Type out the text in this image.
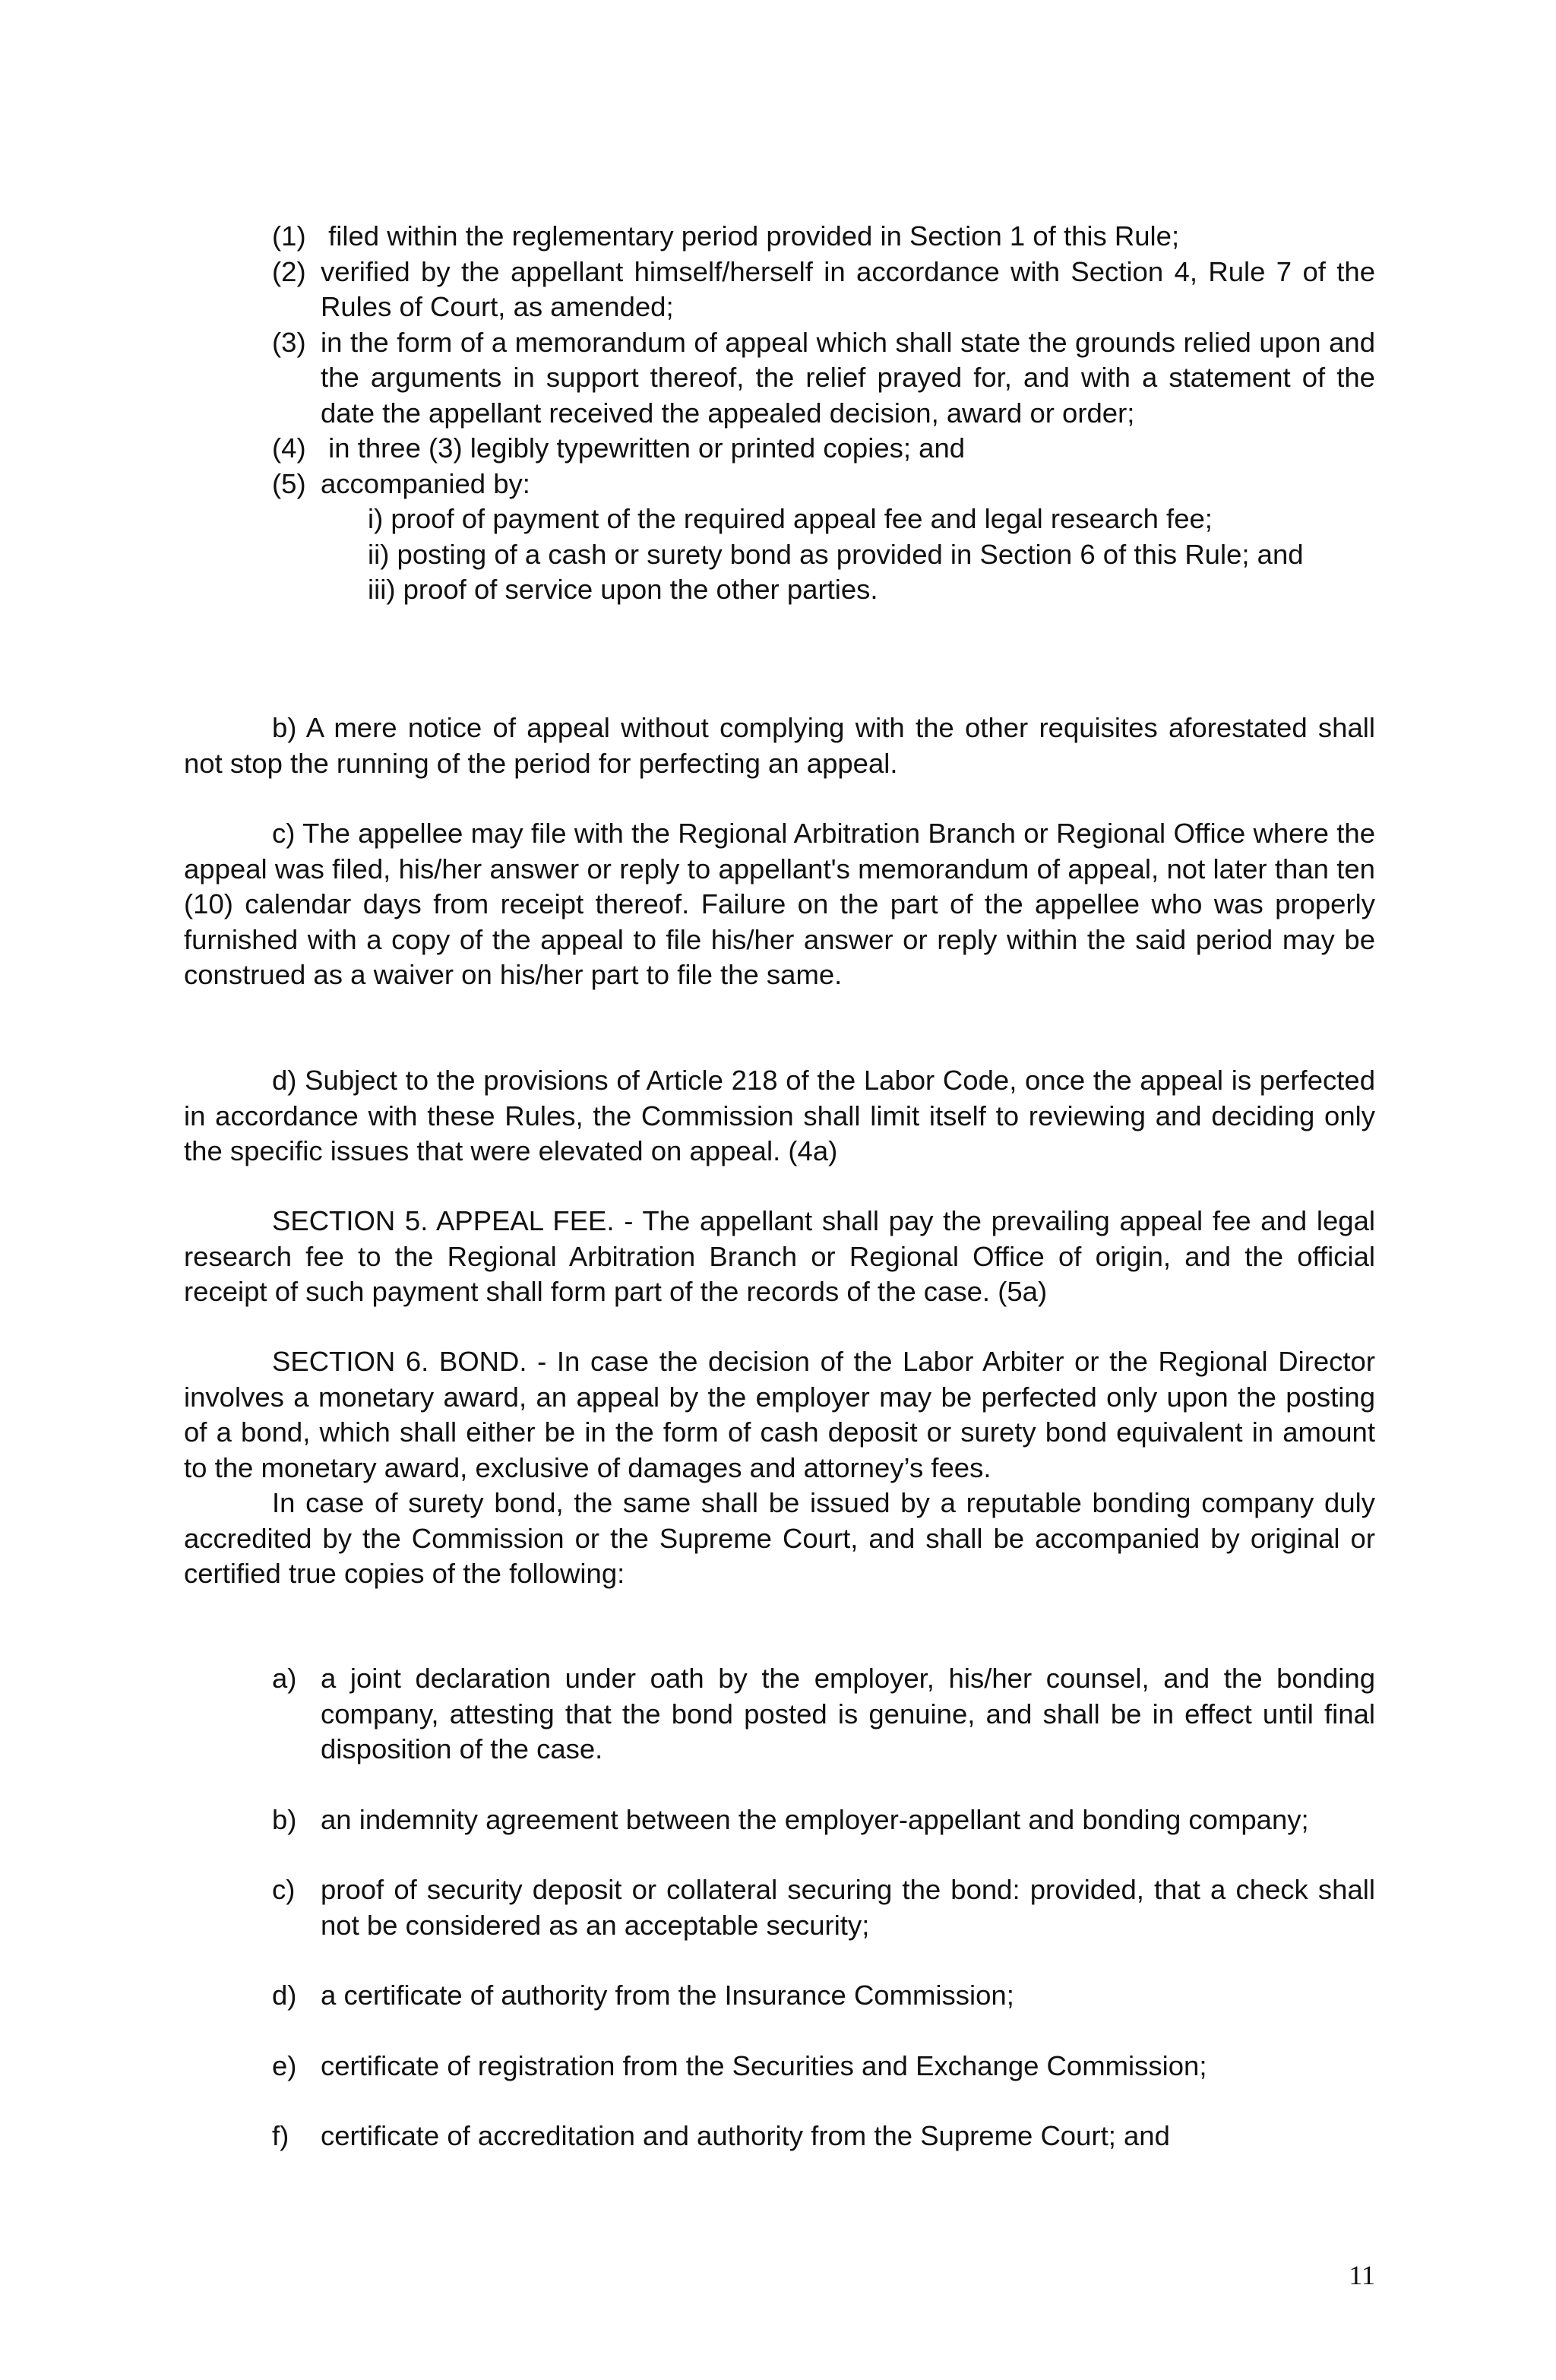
(1) filed within the reglementary period provided in Section 1 of this Rule;
(2) verified by the appellant himself/herself in accordance with Section 4, Rule 7 of the Rules of Court, as amended;
(3) in the form of a memorandum of appeal which shall state the grounds relied upon and the arguments in support thereof, the relief prayed for, and with a statement of the date the appellant received the appealed decision, award or order;
(4) in three (3) legibly typewritten or printed copies; and
(5) accompanied by:
i) proof of payment of the required appeal fee and legal research fee;
ii) posting of a cash or surety bond as provided in Section 6 of this Rule; and
iii) proof of service upon the other parties.
b) A mere notice of appeal without complying with the other requisites aforestated shall not stop the running of the period for perfecting an appeal.
c) The appellee may file with the Regional Arbitration Branch or Regional Office where the appeal was filed, his/her answer or reply to appellant's memorandum of appeal, not later than ten (10) calendar days from receipt thereof. Failure on the part of the appellee who was properly furnished with a copy of the appeal to file his/her answer or reply within the said period may be construed as a waiver on his/her part to file the same.
d) Subject to the provisions of Article 218 of the Labor Code, once the appeal is perfected in accordance with these Rules, the Commission shall limit itself to reviewing and deciding only the specific issues that were elevated on appeal. (4a)
SECTION 5. APPEAL FEE. - The appellant shall pay the prevailing appeal fee and legal research fee to the Regional Arbitration Branch or Regional Office of origin, and the official receipt of such payment shall form part of the records of the case. (5a)
SECTION 6. BOND. - In case the decision of the Labor Arbiter or the Regional Director involves a monetary award, an appeal by the employer may be perfected only upon the posting of a bond, which shall either be in the form of cash deposit or surety bond equivalent in amount to the monetary award, exclusive of damages and attorney’s fees.
In case of surety bond, the same shall be issued by a reputable bonding company duly accredited by the Commission or the Supreme Court, and shall be accompanied by original or certified true copies of the following:
a) a joint declaration under oath by the employer, his/her counsel, and the bonding company, attesting that the bond posted is genuine, and shall be in effect until final disposition of the case.
b) an indemnity agreement between the employer-appellant and bonding company;
c) proof of security deposit or collateral securing the bond: provided, that a check shall not be considered as an acceptable security;
d) a certificate of authority from the Insurance Commission;
e) certificate of registration from the Securities and Exchange Commission;
f)	certificate of accreditation and authority from the Supreme Court; and
11
